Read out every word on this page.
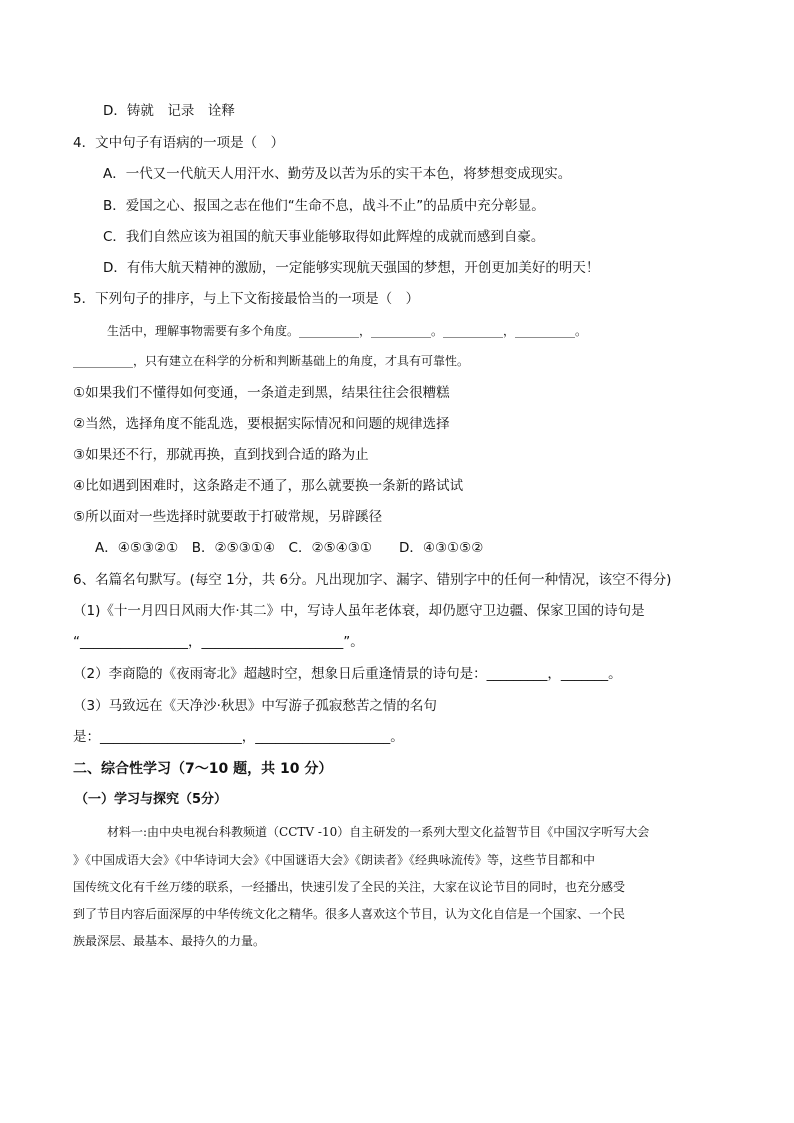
D．铸就　记录　诠释
4．文中句子有语病的一项是（　）
A．一代又一代航天人用汗水、勤劳及以苦为乐的实干本色，将梦想变成现实。
B．爱国之心、报国之志在他们“生命不息，战斗不止”的品质中充分彰显。
C．我们自然应该为祖国的航天事业能够取得如此辉煌的成就而感到自豪。
D．有伟大航天精神的激励，一定能够实现航天强国的梦想，开创更加美好的明天！
5．下列句子的排序，与上下文衔接最恰当的一项是（　）
生活中，理解事物需要有多个角度。__________，__________。__________，__________。
__________，只有建立在科学的分析和判断基础上的角度，才具有可靠性。
①如果我们不懂得如何变通，一条道走到黑，结果往往会很糟糕
②当然，选择角度不能乱选，要根据实际情况和问题的规律选择
③如果还不行，那就再换，直到找到合适的路为止
④比如遇到困难时，这条路走不通了，那么就要换一条新的路试试
⑤所以面对一些选择时就要敢于打破常规，另辟蹊径
A．④⑤③②①　B．②⑤③①④　C．②⑤④③①　　D．④③①⑤②
6、名篇名句默写。(每空 1分，共 6分。凡出现加字、漏字、错别字中的任何一种情况，该空不得分)
（1)《十一月四日风雨大作·其二》中，写诗人虽年老体衰，却仍愿守卫边疆、保家卫国的诗句是
“________________，_____________________”。
（2）李商隐的《夜雨寄北》超越时空，想象日后重逢情景的诗句是：_________，_______。
（3）马致远在《天净沙·秋思》中写游子孤寂愁苦之情的名句
是：_____________________，____________________。
二、综合性学习（7～10 题，共 10 分）
（一）学习与探究（5分）
材料一:由中央电视台科教频道（CCTV -10）自主研发的一系列大型文化益智节目《中国汉字听写大会
》《中国成语大会》《中华诗词大会》《中国谜语大会》《朗读者》《经典咏流传》等，这些节目都和中
国传统文化有千丝万缕的联系，一经播出，快速引发了全民的关注，大家在议论节目的同时，也充分感受
到了节目内容后面深厚的中华传统文化之精华。很多人喜欢这个节目，认为文化自信是一个国家、一个民
族最深层、最基本、最持久的力量。
